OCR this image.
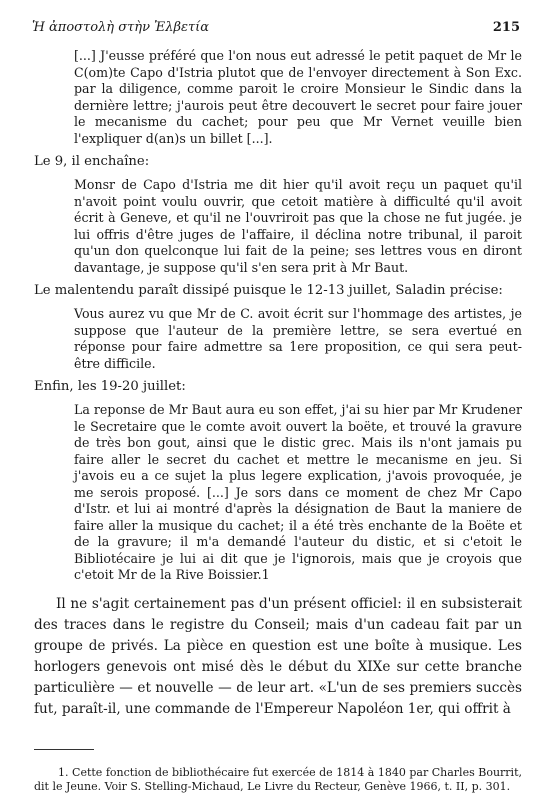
Ἡ ἀποστολὴ στὴν Ἐλβετία	215

[...] J'eusse préféré que l'on nous eut adressé le petit paquet de Mr le C(om)te Capo d'Istria plutot que de l'envoyer directement à Son Exc. par la diligence, comme paroit le croire Monsieur le Sindic dans la dernière lettre; j'aurois peut être decouvert le secret pour faire jouer le mecanisme du cachet; pour peu que Mr Vernet veuille bien l'expliquer d(an)s un billet [...].

Le 9, il enchaîne:

Monsr de Capo d'Istria me dit hier qu'il avoit reçu un paquet qu'il n'avoit point voulu ouvrir, que cetoit matière à difficulté qu'il avoit écrit à Geneve, et qu'il ne l'ouvriroit pas que la chose ne fut jugée. je lui offris d'être juges de l'affaire, il déclina notre tribunal, il paroit qu'un don quelconque lui fait de la peine; ses lettres vous en diront davantage, je suppose qu'il s'en sera prit à Mr Baut.

Le malentendu paraît dissipé puisque le 12-13 juillet, Saladin précise:

Vous aurez vu que Mr de C. avoit écrit sur l'hommage des artistes, je suppose que l'auteur de la première lettre, se sera evertué en réponse pour faire admettre sa 1ere proposition, ce qui sera peut-être difficile.

Enfin, les 19-20 juillet:

La reponse de Mr Baut aura eu son effet, j'ai su hier par Mr Krudener le Secretaire que le comte avoit ouvert la boëte, et trouvé la gravure de très bon gout, ainsi que le distic grec. Mais ils n'ont jamais pu faire aller le secret du cachet et mettre le mecanisme en jeu. Si j'avois eu a ce sujet la plus legere explication, j'avois provoquée, je me serois proposé. [...] Je sors dans ce moment de chez Mr Capo d'Istr. et lui ai montré d'après la désignation de Baut la maniere de faire aller la musique du cachet; il a été très enchante de la Boëte et de la gravure; il m'a demandé l'auteur du distic, et si c'etoit le Bibliotécaire je lui ai dit que je l'ignorois, mais que je croyois que c'etoit Mr de la Rive Boissier.1

Il ne s'agit certainement pas d'un présent officiel: il en subsisterait des traces dans le registre du Conseil; mais d'un cadeau fait par un groupe de privés. La pièce en question est une boîte à musique. Les horlogers genevois ont misé dès le début du XIXe sur cette branche particulière — et nouvelle — de leur art. «L'un de ses premiers succès fut, paraît-il, une commande de l'Empereur Napoléon 1er, qui offrit à

1. Cette fonction de bibliothécaire fut exercée de 1814 à 1840 par Charles Bourrit, dit le Jeune. Voir S. Stelling-Michaud, Le Livre du Recteur, Genève 1966, t. II, p. 301.
